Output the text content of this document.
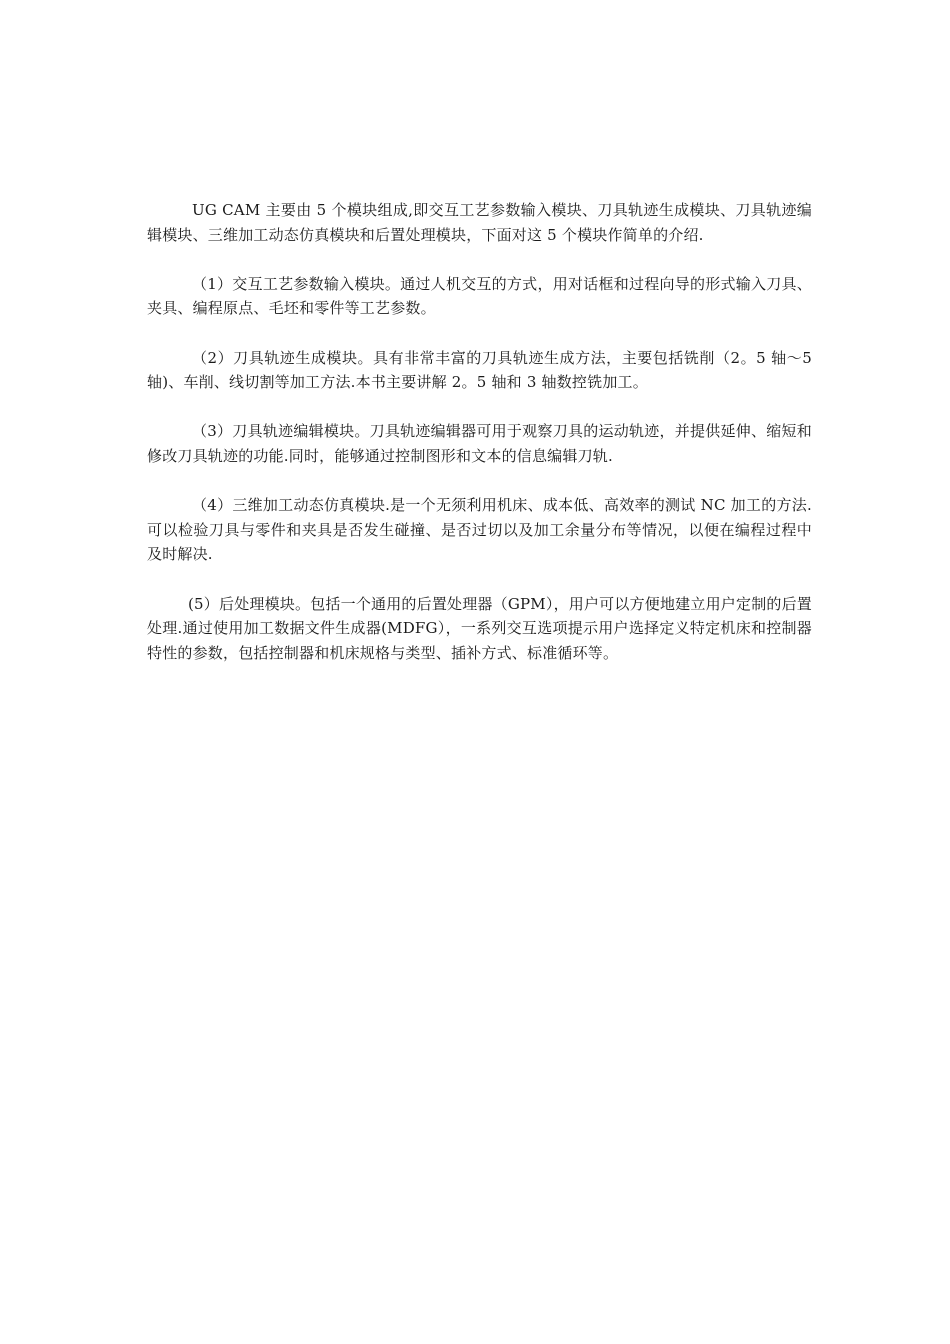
UG CAM 主要由 5 个模块组成,即交互工艺参数输入模块、刀具轨迹生成模块、刀具轨迹编辑模块、三维加工动态仿真模块和后置处理模块，下面对这 5 个模块作简单的介绍.

（1）交互工艺参数输入模块。通过人机交互的方式，用对话框和过程向导的形式输入刀具、夹具、编程原点、毛坯和零件等工艺参数。

（2）刀具轨迹生成模块。具有非常丰富的刀具轨迹生成方法，主要包括铣削（2。5 轴～5 轴)、车削、线切割等加工方法.本书主要讲解 2。5 轴和 3 轴数控铣加工。

（3）刀具轨迹编辑模块。刀具轨迹编辑器可用于观察刀具的运动轨迹，并提供延伸、缩短和修改刀具轨迹的功能.同时，能够通过控制图形和文本的信息编辑刀轨.

（4）三维加工动态仿真模块.是一个无须利用机床、成本低、高效率的测试 NC 加工的方法.可以检验刀具与零件和夹具是否发生碰撞、是否过切以及加工余量分布等情况，以便在编程过程中及时解决.

(5）后处理模块。包括一个通用的后置处理器（GPM），用户可以方便地建立用户定制的后置处理.通过使用加工数据文件生成器(MDFG），一系列交互选项提示用户选择定义特定机床和控制器特性的参数，包括控制器和机床规格与类型、插补方式、标准循环等。
